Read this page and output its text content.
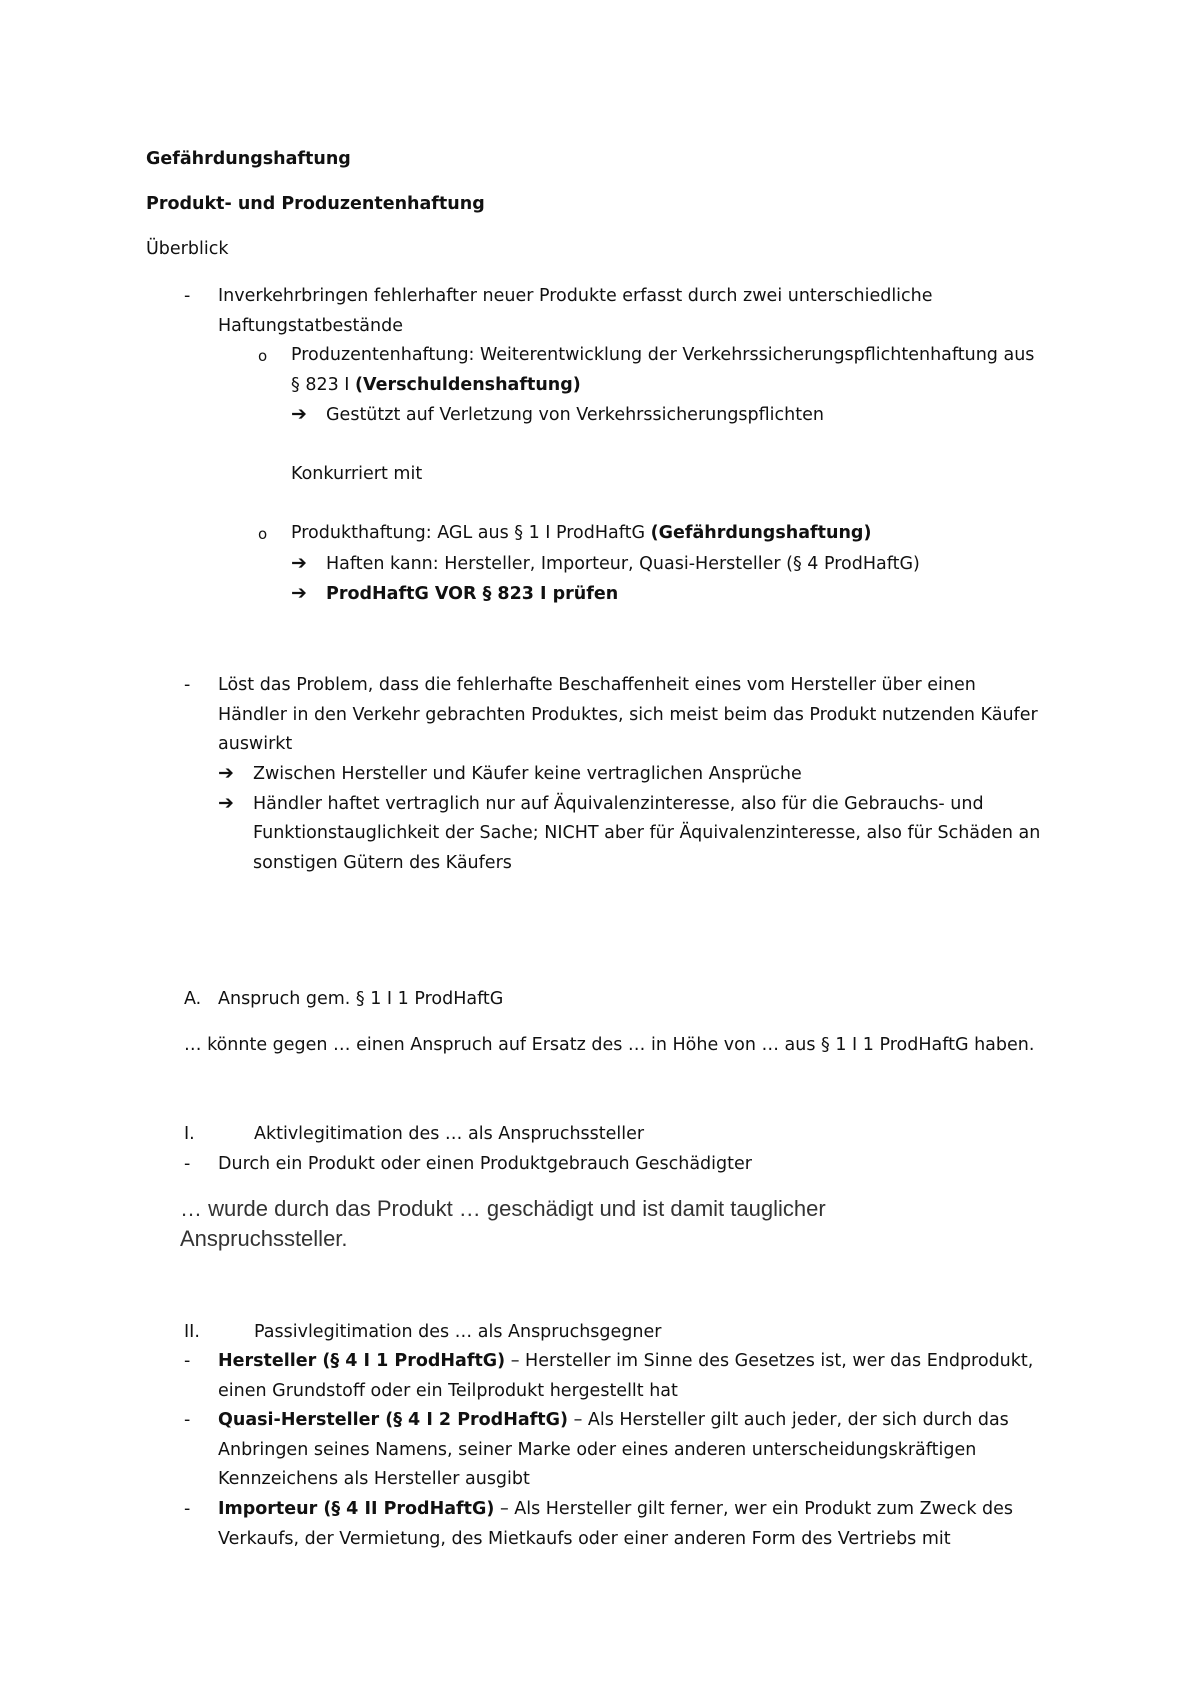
Gefährdungshaftung
Produkt- und Produzentenhaftung
Überblick
- Inverkehrbringen fehlerhafter neuer Produkte erfasst durch zwei unterschiedliche
Haftungstatbestände
o Produzentenhaftung: Weiterentwicklung der Verkehrssicherungspflichtenhaftung aus
§ 823 I (Verschuldenshaftung)
➔ Gestützt auf Verletzung von Verkehrssicherungspflichten
Konkurriert mit
o Produkthaftung: AGL aus § 1 I ProdHaftG (Gefährdungshaftung)
➔ Haften kann: Hersteller, Importeur, Quasi-Hersteller (§ 4 ProdHaftG)
➔ ProdHaftG VOR § 823 I prüfen
- Löst das Problem, dass die fehlerhafte Beschaffenheit eines vom Hersteller über einen
Händler in den Verkehr gebrachten Produktes, sich meist beim das Produkt nutzenden Käufer
auswirkt
➔ Zwischen Hersteller und Käufer keine vertraglichen Ansprüche
➔ Händler haftet vertraglich nur auf Äquivalenzinteresse, also für die Gebrauchs- und
Funktionstauglichkeit der Sache; NICHT aber für Äquivalenzinteresse, also für Schäden an
sonstigen Gütern des Käufers
A. Anspruch gem. § 1 I 1 ProdHaftG
… könnte gegen … einen Anspruch auf Ersatz des … in Höhe von … aus § 1 I 1 ProdHaftG haben.
I.	Aktivlegitimation des … als Anspruchssteller
- Durch ein Produkt oder einen Produktgebrauch Geschädigter
… wurde durch das Produkt … geschädigt und ist damit tauglicher
Anspruchssteller.
II.	Passivlegitimation des … als Anspruchsgegner
- Hersteller (§ 4 I 1 ProdHaftG) – Hersteller im Sinne des Gesetzes ist, wer das Endprodukt,
einen Grundstoff oder ein Teilprodukt hergestellt hat
- Quasi-Hersteller (§ 4 I 2 ProdHaftG) – Als Hersteller gilt auch jeder, der sich durch das
Anbringen seines Namens, seiner Marke oder eines anderen unterscheidungskräftigen
Kennzeichens als Hersteller ausgibt
- Importeur (§ 4 II ProdHaftG) – Als Hersteller gilt ferner, wer ein Produkt zum Zweck des
Verkaufs, der Vermietung, des Mietkaufs oder einer anderen Form des Vertriebs mit
